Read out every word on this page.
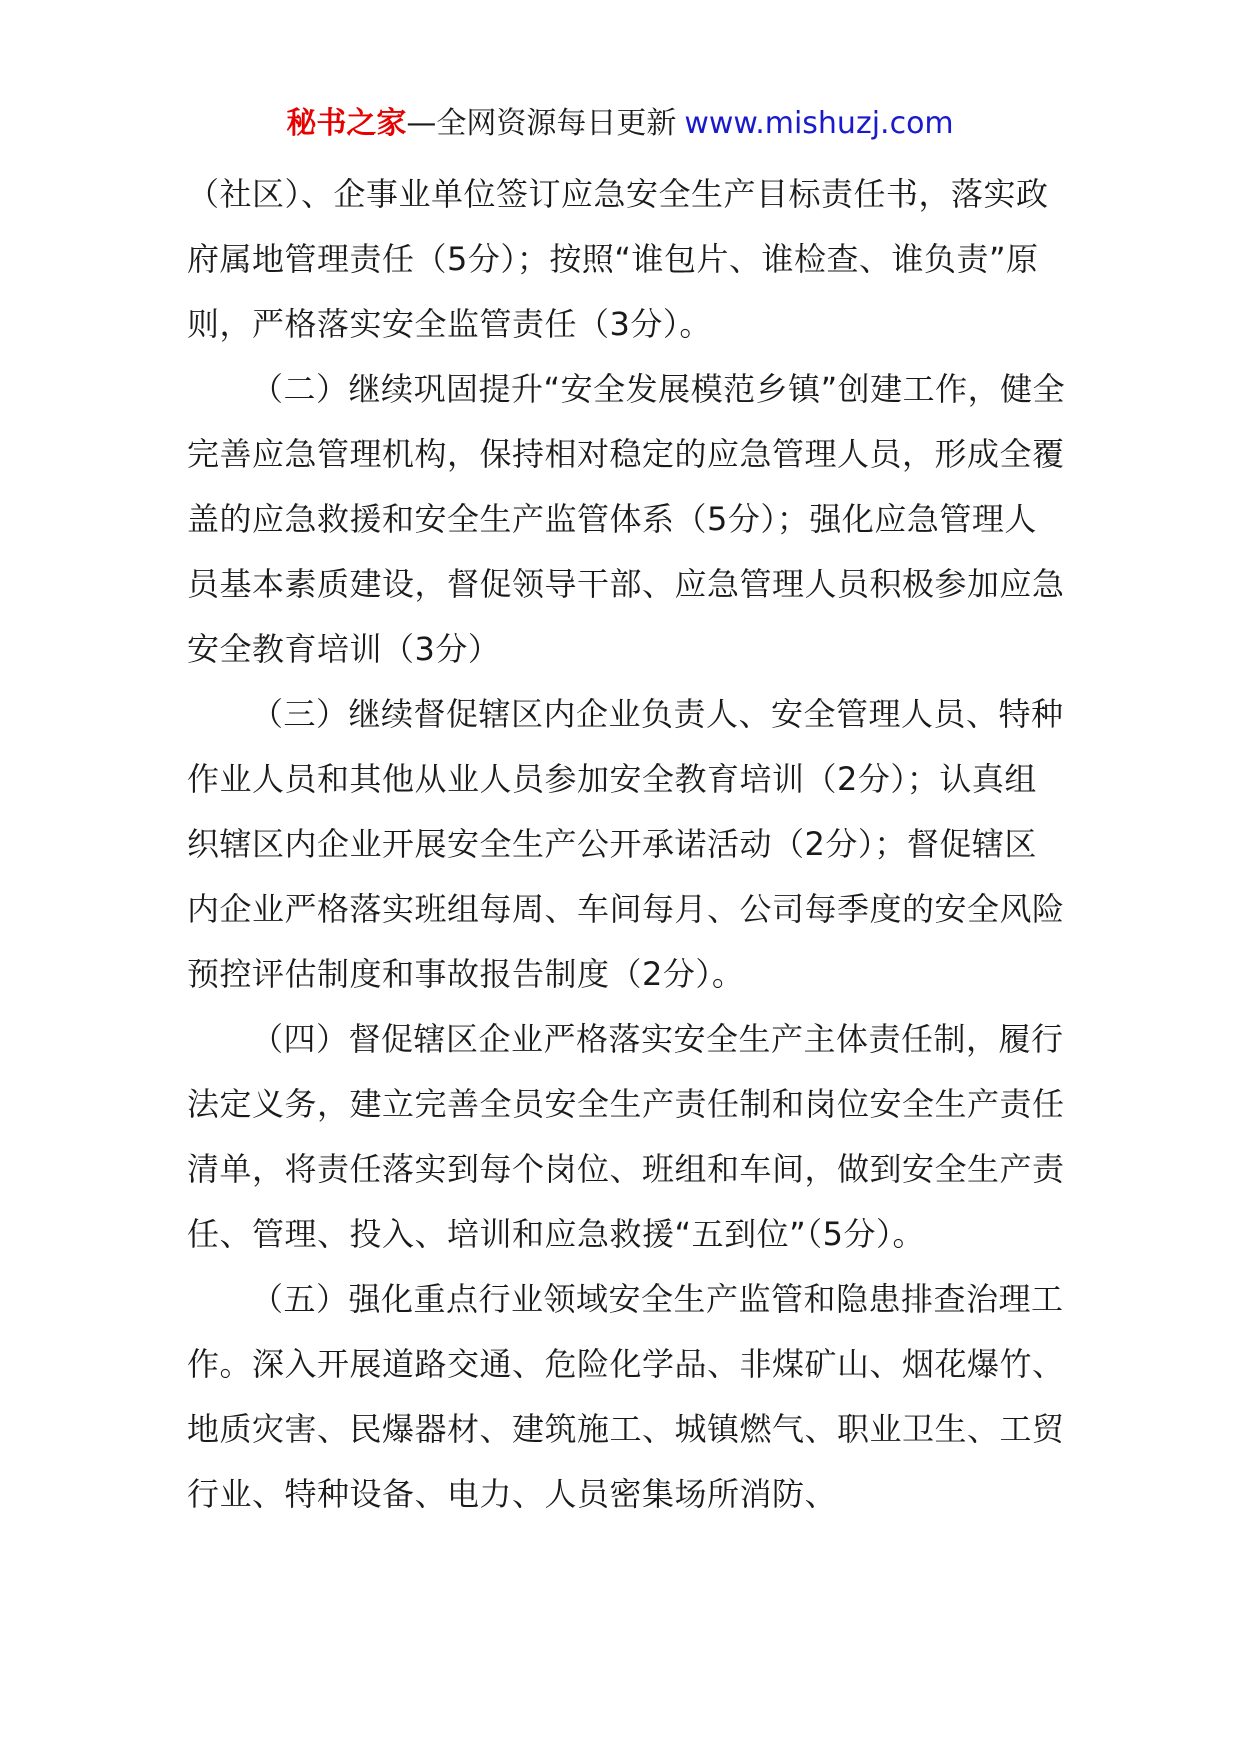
秘书之家—全网资源每日更新 www.mishuzj.com

（社区）、企事业单位签订应急安全生产目标责任书，落实政府属地管理责任（5分）；按照“谁包片、谁检查、谁负责”原则，严格落实安全监管责任（3分）。

（二）继续巩固提升“安全发展模范乡镇”创建工作，健全完善应急管理机构，保持相对稳定的应急管理人员，形成全覆盖的应急救援和安全生产监管体系（5分）；强化应急管理人员基本素质建设，督促领导干部、应急管理人员积极参加应急安全教育培训（3分）

（三）继续督促辖区内企业负责人、安全管理人员、特种作业人员和其他从业人员参加安全教育培训（2分）；认真组织辖区内企业开展安全生产公开承诺活动（2分）；督促辖区内企业严格落实班组每周、车间每月、公司每季度的安全风险预控评估制度和事故报告制度（2分）。

（四）督促辖区企业严格落实安全生产主体责任制，履行法定义务，建立完善全员安全生产责任制和岗位安全生产责任清单，将责任落实到每个岗位、班组和车间，做到安全生产责任、管理、投入、培训和应急救援“五到位”（5分）。

（五）强化重点行业领域安全生产监管和隐患排查治理工作。深入开展道路交通、危险化学品、非煤矿山、烟花爆竹、地质灾害、民爆器材、建筑施工、城镇燃气、职业卫生、工贸行业、特种设备、电力、人员密集场所消防、
